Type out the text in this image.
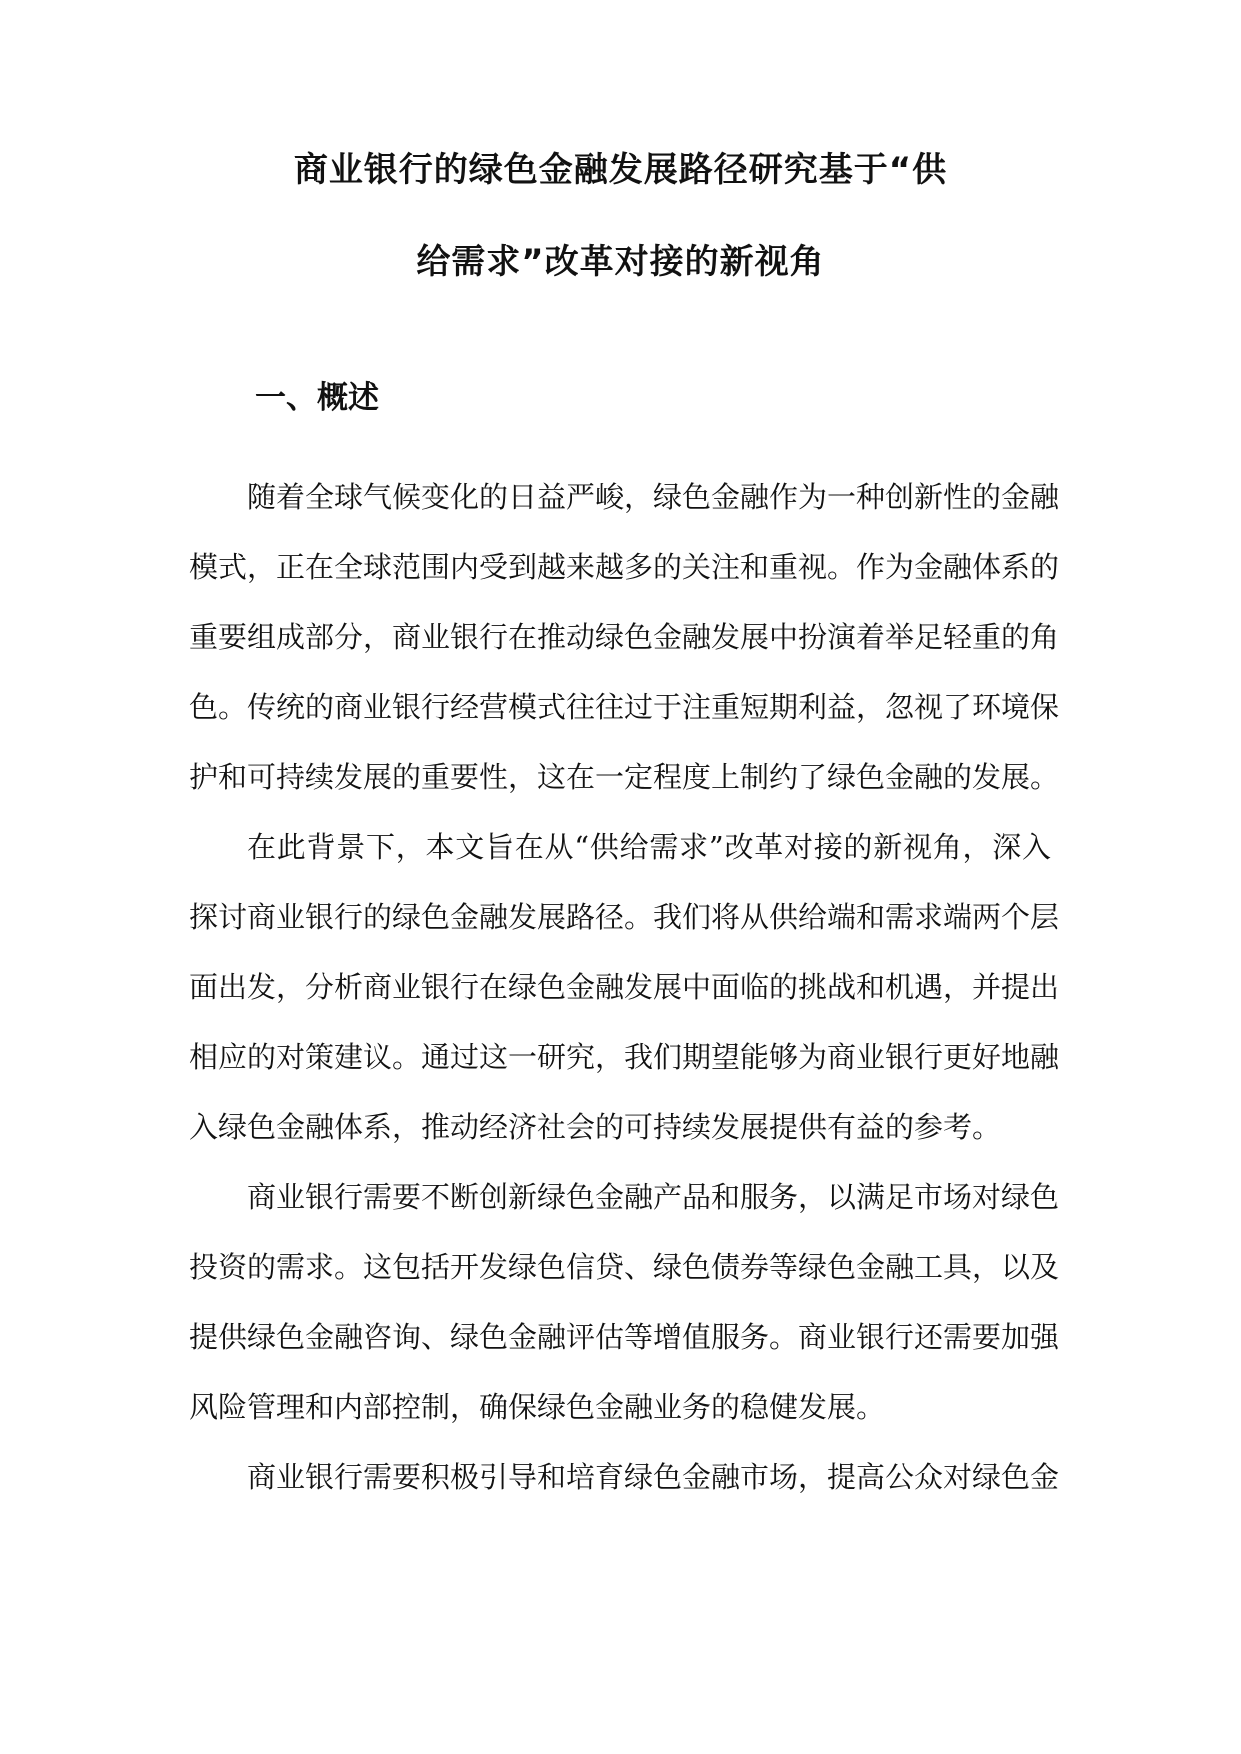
商业银行的绿色金融发展路径研究基于“供
给需求”改革对接的新视角
一、概述
随着全球气候变化的日益严峻，绿色金融作为一种创新性的金融
模式，正在全球范围内受到越来越多的关注和重视。作为金融体系的
重要组成部分，商业银行在推动绿色金融发展中扮演着举足轻重的角
色。传统的商业银行经营模式往往过于注重短期利益，忽视了环境保
护和可持续发展的重要性，这在一定程度上制约了绿色金融的发展。
在此背景下，本文旨在从“供给需求”改革对接的新视角，深入
探讨商业银行的绿色金融发展路径。我们将从供给端和需求端两个层
面出发，分析商业银行在绿色金融发展中面临的挑战和机遇，并提出
相应的对策建议。通过这一研究，我们期望能够为商业银行更好地融
入绿色金融体系，推动经济社会的可持续发展提供有益的参考。
商业银行需要不断创新绿色金融产品和服务，以满足市场对绿色
投资的需求。这包括开发绿色信贷、绿色债券等绿色金融工具，以及
提供绿色金融咨询、绿色金融评估等增值服务。商业银行还需要加强
风险管理和内部控制，确保绿色金融业务的稳健发展。
商业银行需要积极引导和培育绿色金融市场，提高公众对绿色金
